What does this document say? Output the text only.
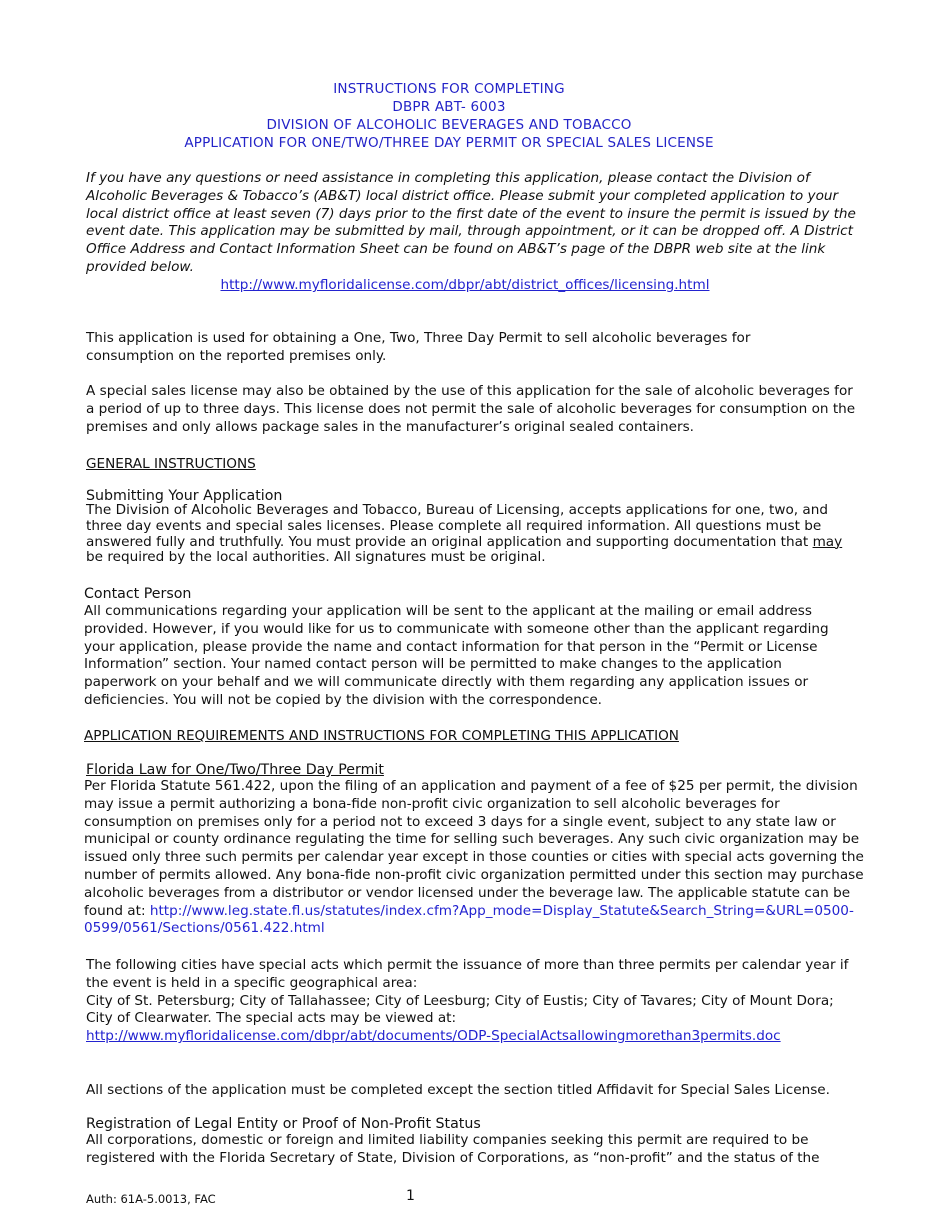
INSTRUCTIONS FOR COMPLETING
DBPR ABT- 6003
DIVISION OF ALCOHOLIC BEVERAGES AND TOBACCO
APPLICATION FOR ONE/TWO/THREE DAY PERMIT OR SPECIAL SALES LICENSE
If you have any questions or need assistance in completing this application, please contact the Division of
Alcoholic Beverages & Tobacco’s (AB&T) local district office. Please submit your completed application to your
local district office at least seven (7) days prior to the first date of the event to insure the permit is issued by the
event date. This application may be submitted by mail, through appointment, or it can be dropped off. A District
Office Address and Contact Information Sheet can be found on AB&T’s page of the DBPR web site at the link
provided below.
http://www.myfloridalicense.com/dbpr/abt/district_offices/licensing.html
This application is used for obtaining a One, Two, Three Day Permit to sell alcoholic beverages for
consumption on the reported premises only.
A special sales license may also be obtained by the use of this application for the sale of alcoholic beverages for
a period of up to three days. This license does not permit the sale of alcoholic beverages for consumption on the
premises and only allows package sales in the manufacturer’s original sealed containers.
GENERAL INSTRUCTIONS
Submitting Your Application
The Division of Alcoholic Beverages and Tobacco, Bureau of Licensing, accepts applications for one, two, and
three day events and special sales licenses. Please complete all required information. All questions must be
answered fully and truthfully. You must provide an original application and supporting documentation that may
be required by the local authorities. All signatures must be original.
Contact Person
All communications regarding your application will be sent to the applicant at the mailing or email address
provided. However, if you would like for us to communicate with someone other than the applicant regarding
your application, please provide the name and contact information for that person in the “Permit or License
Information” section. Your named contact person will be permitted to make changes to the application
paperwork on your behalf and we will communicate directly with them regarding any application issues or
deficiencies. You will not be copied by the division with the correspondence.
APPLICATION REQUIREMENTS AND INSTRUCTIONS FOR COMPLETING THIS APPLICATION
Florida Law for One/Two/Three Day Permit
Per Florida Statute 561.422, upon the filing of an application and payment of a fee of $25 per permit, the division
may issue a permit authorizing a bona-fide non-profit civic organization to sell alcoholic beverages for
consumption on premises only for a period not to exceed 3 days for a single event, subject to any state law or
municipal or county ordinance regulating the time for selling such beverages. Any such civic organization may be
issued only three such permits per calendar year except in those counties or cities with special acts governing the
number of permits allowed. Any bona-fide non-profit civic organization permitted under this section may purchase
alcoholic beverages from a distributor or vendor licensed under the beverage law. The applicable statute can be
found at: http://www.leg.state.fl.us/statutes/index.cfm?App_mode=Display_Statute&Search_String=&URL=0500-
0599/0561/Sections/0561.422.html
The following cities have special acts which permit the issuance of more than three permits per calendar year if
the event is held in a specific geographical area:
City of St. Petersburg; City of Tallahassee; City of Leesburg; City of Eustis; City of Tavares; City of Mount Dora;
City of Clearwater. The special acts may be viewed at:
http://www.myfloridalicense.com/dbpr/abt/documents/ODP-SpecialActsallowingmorethan3permits.doc
All sections of the application must be completed except the section titled Affidavit for Special Sales License.
Registration of Legal Entity or Proof of Non-Profit Status
All corporations, domestic or foreign and limited liability companies seeking this permit are required to be
registered with the Florida Secretary of State, Division of Corporations, as “non-profit” and the status of the
Auth: 61A-5.0013, FAC	1
